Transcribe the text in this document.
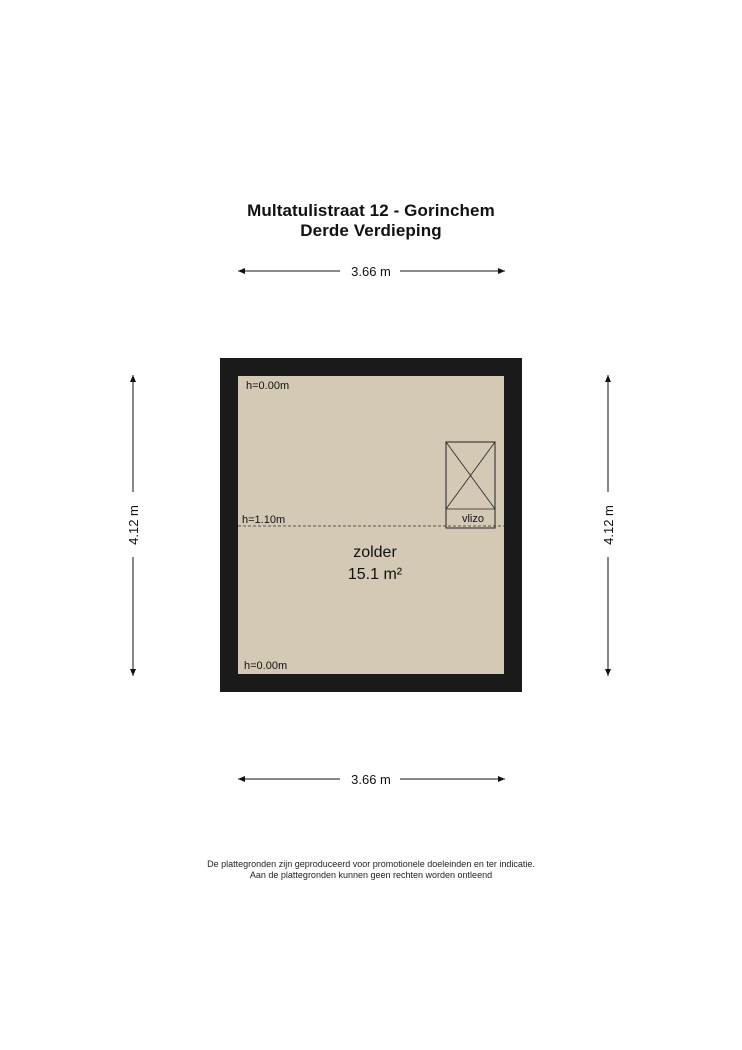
Multatulistraat 12 - Gorinchem
Derde Verdieping
3.66 m
3.66 m
4.12 m	4.12 m
vlizo
h=0.00m
h=1.10m
h=0.00m
zolder
15.1 m²
De plattegronden zijn geproduceerd voor promotionele doeleinden en ter indicatie.
Aan de plattegronden kunnen geen rechten worden ontleend
